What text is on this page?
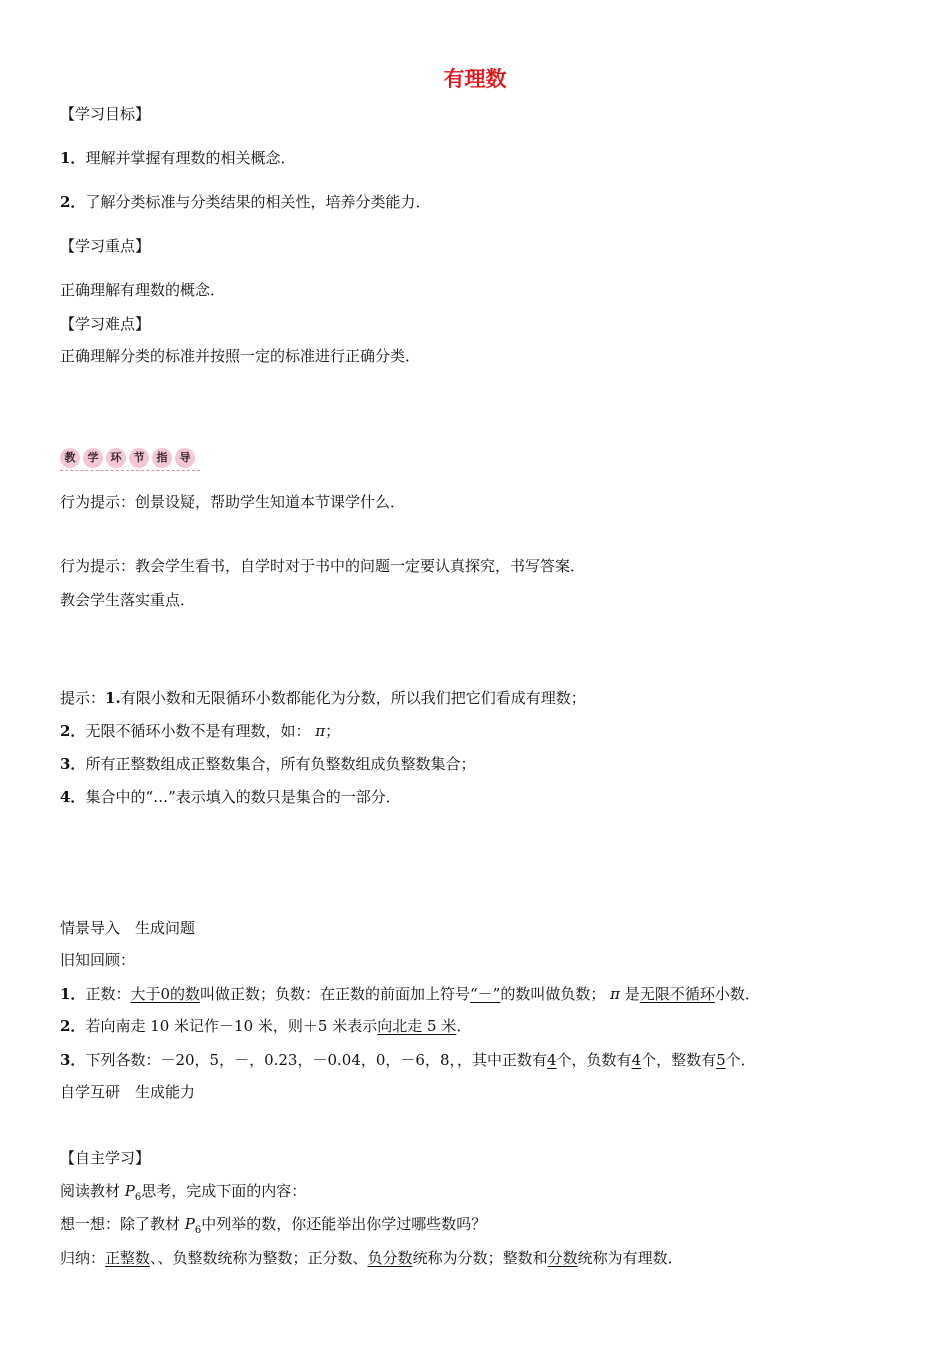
有理数
【学习目标】
1．理解并掌握有理数的相关概念．
2．了解分类标准与分类结果的相关性，培养分类能力．
【学习重点】
正确理解有理数的概念．
【学习难点】
正确理解分类的标准并按照一定的标准进行正确分类．
教	学	环	节	指	导
行为提示：创景设疑，帮助学生知道本节课学什么．
行为提示：教会学生看书，自学时对于书中的问题一定要认真探究，书写答案．
教会学生落实重点．
提示：1.有限小数和无限循环小数都能化为分数，所以我们把它们看成有理数；
2．无限不循环小数不是有理数，如： π；
3．所有正整数组成正整数集合，所有负整数组成负整数集合；
4．集合中的“…”表示填入的数只是集合的一部分．
情景导入　生成问题
旧知回顾：
1．正数：大于0的数叫做正数；负数：在正数的前面加上符号“－”的数叫做负数； π 是无限不循环小数．
2．若向南走 10 米记作－10 米，则＋5 米表示向北走 5 米．
3．下列各数：－20，5，－，0.23，－0.04，0，－6，8，，其中正数有4个，负数有4个，整数有5个．
自学互研　生成能力
【自主学习】
阅读教材 $P_6$思考，完成下面的内容：
想一想：除了教材 $P_6$中列举的数，你还能举出你学过哪些数吗？
归纳：正整数、、负整数统称为整数；正分数、负分数统称为分数；整数和分数统称为有理数．
